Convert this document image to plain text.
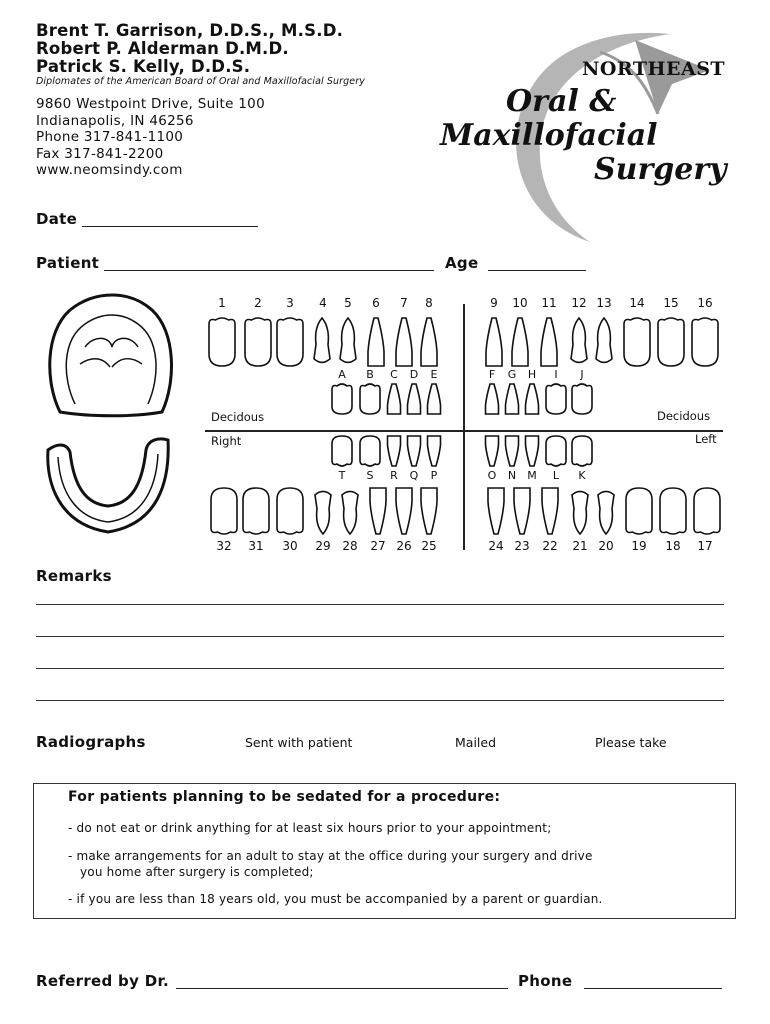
Brent T. Garrison, D.D.S., M.S.D.
Robert P. Alderman D.M.D.
Patrick S. Kelly, D.D.S.
Diplomates of the American Board of Oral and Maxillofacial Surgery
9860 Westpoint Drive, Suite 100
Indianapolis, IN 46256
Phone 317-841-1100
Fax 317-841-2200
www.neomsindy.com
NORTHEAST
Oral &
Maxillofacial
Surgery
Date
Patient	Age
1	2	3	4	5	6	7	8	9	10 11 12 13 14 15 16
A	B	C	D	E	F	G	H	I	J
Decidous	Decidous
Right	Left
T	S	R	Q	P	O	N	M	L	K
32 31 30 29 28 27 26 25	24 23 22 21 20 19 18 17
Remarks
Radiographs	Sent with patient	Mailed	Please take
For patients planning to be sedated for a procedure:
- do not eat or drink anything for at least six hours prior to your appointment;
- make arrangements for an adult to stay at the office during your surgery and drive
you home after surgery is completed;
- if you are less than 18 years old, you must be accompanied by a parent or guardian.
Referred by Dr.	Phone
